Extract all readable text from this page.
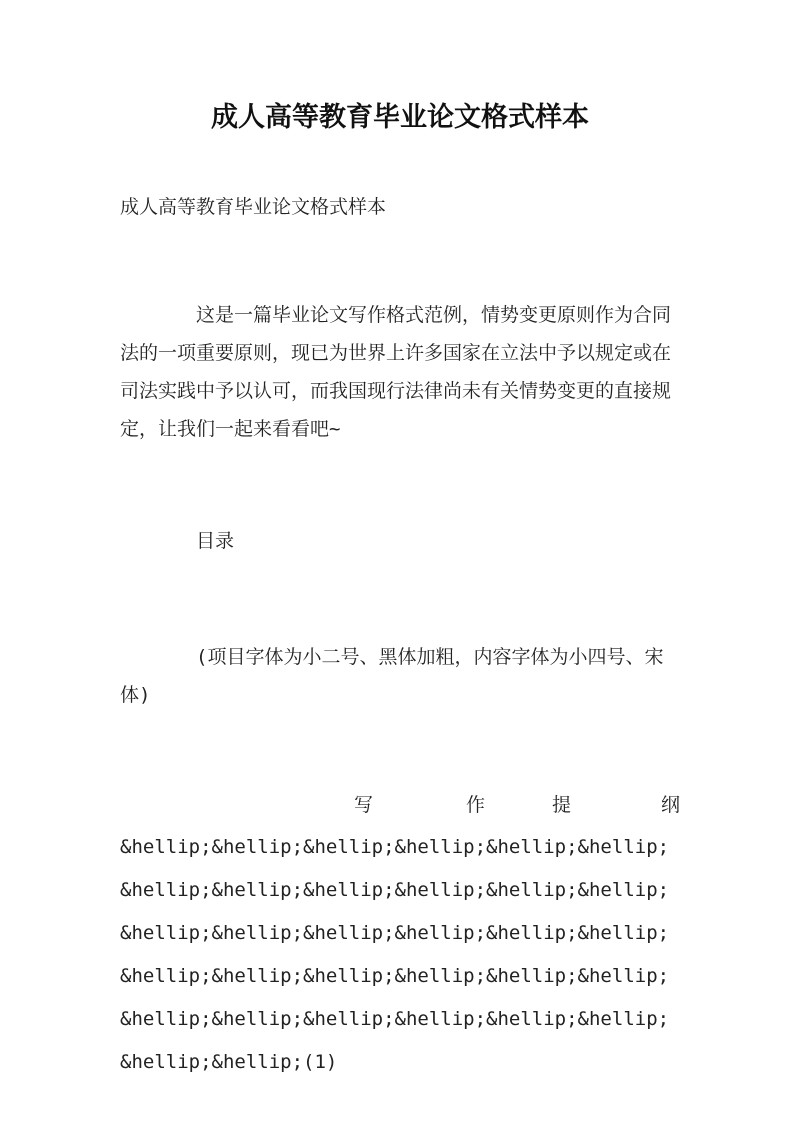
成人高等教育毕业论文格式样本
成人高等教育毕业论文格式样本
这是一篇毕业论文写作格式范例，情势变更原则作为合同法的一项重要原则，现已为世界上许多国家在立法中予以规定或在司法实践中予以认可，而我国现行法律尚未有关情势变更的直接规定，让我们一起来看看吧~
目录
(项目字体为小二号、黑体加粗，内容字体为小四号、宋体)
写	作	提	纲
&hellip;&hellip;&hellip;&hellip;&hellip;&hellip;&hellip;&hellip;&hellip;&hellip;&hellip;&hellip;&hellip;&hellip;&hellip;&hellip;&hellip;&hellip;&hellip;&hellip;&hellip;&hellip;&hellip;&hellip;&hellip;&hellip;&hellip;&hellip;&hellip;&hellip;&hellip;&hellip;(1)
